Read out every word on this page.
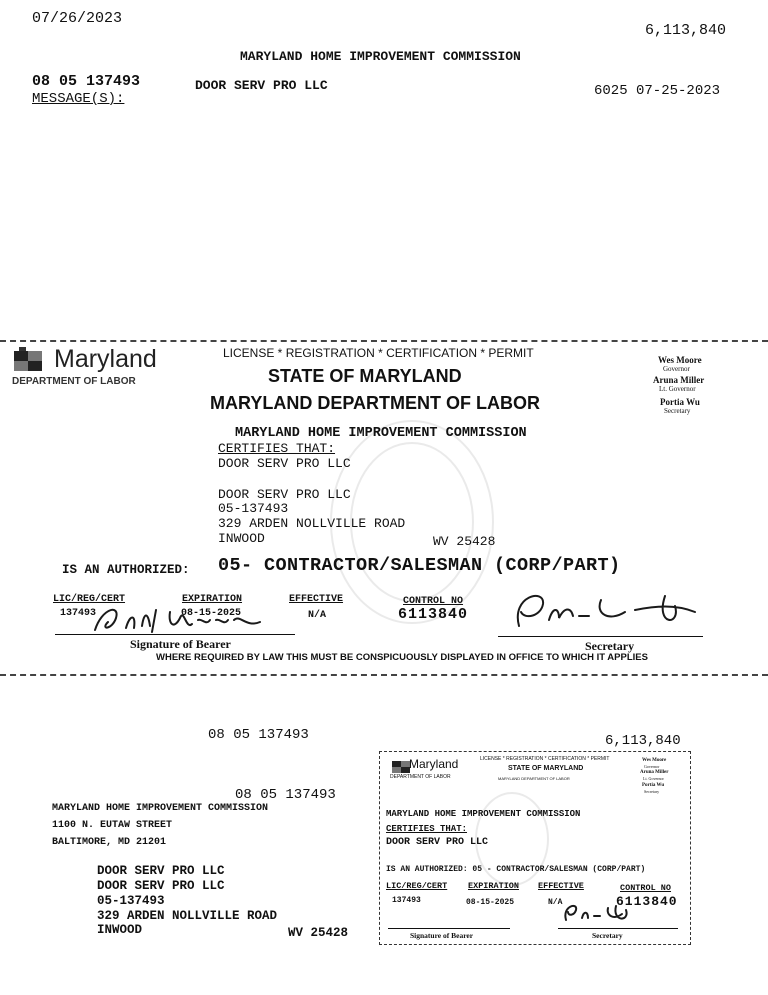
07/26/2023
6,113,840
MARYLAND HOME IMPROVEMENT COMMISSION
08 05 137493	DOOR SERV PRO LLC	6025 07-25-2023
MESSAGE(S):
Maryland
DEPARTMENT OF LABOR
LICENSE * REGISTRATION * CERTIFICATION * PERMIT
STATE OF MARYLAND
MARYLAND DEPARTMENT OF LABOR
Wes Moore
Governor
Aruna Miller
Lt. Governor
Portia Wu
Secretary
MARYLAND HOME IMPROVEMENT COMMISSION
CERTIFIES THAT:
DOOR SERV PRO LLC
DOOR SERV PRO LLC
05-137493
329 ARDEN NOLLVILLE ROAD
INWOOD	WV 25428
IS AN AUTHORIZED: 05- CONTRACTOR/SALESMAN (CORP/PART)
LIC/REG/CERT	EXPIRATION	EFFECTIVE	CONTROL NO
137493	08-15-2025	N/A	6113840
Signature of Bearer	Secretary
WHERE REQUIRED BY LAW THIS MUST BE CONSPICUOUSLY DISPLAYED IN OFFICE TO WHICH IT APPLIES
08 05 137493	6,113,840
08 05 137493
MARYLAND HOME IMPROVEMENT COMMISSION
1100 N. EUTAW STREET
BALTIMORE, MD 21201
DOOR SERV PRO LLC
DOOR SERV PRO LLC
05-137493
329 ARDEN NOLLVILLE ROAD
INWOOD	WV 25428
Maryland
DEPARTMENT OF LABOR
LICENSE * REGISTRATION * CERTIFICATION * PERMIT
STATE OF MARYLAND
MARYLAND DEPARTMENT OF LABOR
Wes Moore
Governor
Aruna Miller
Lt. Governor
Portia Wu
Secretary
MARYLAND HOME IMPROVEMENT COMMISSION
CERTIFIES THAT:
DOOR SERV PRO LLC
IS AN AUTHORIZED: 05 - CONTRACTOR/SALESMAN (CORP/PART)
LIC/REG/CERT EXPIRATION EFFECTIVE	CONTROL NO
137493	08-15-2025	N/A	6113840
Signature of Bearer	Secretary
